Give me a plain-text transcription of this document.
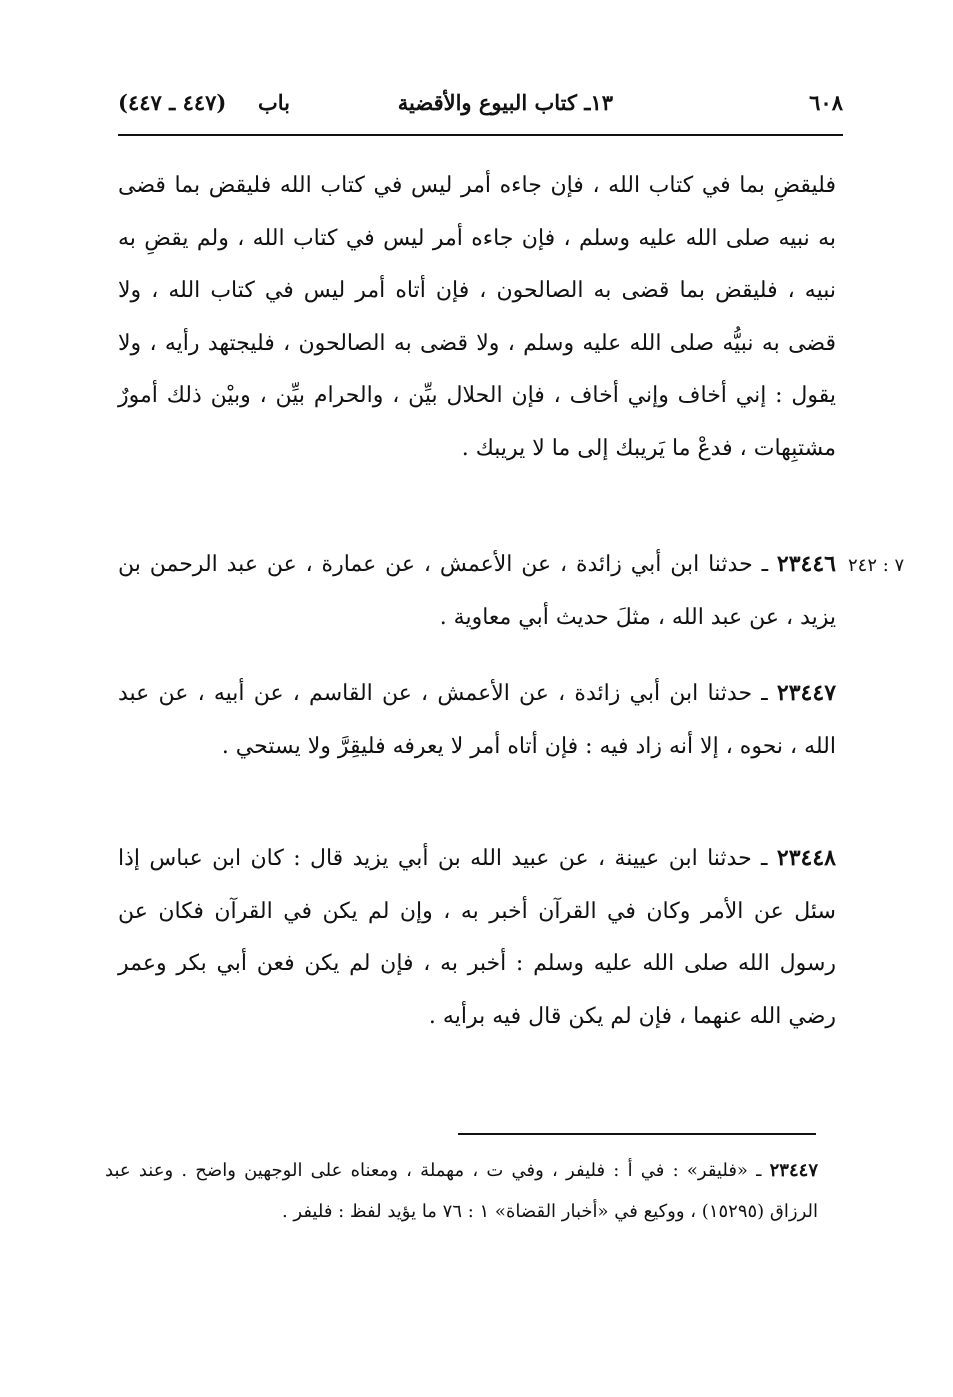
٦٠٨
١٣ـ كتاب البيوع والأقضية
باب
(٤٤٧ ـ ٤٤٧)
فليقضِ بما في كتاب الله ، فإن جاءه أمر ليس في كتاب الله فليقض بما قضى به نبيه صلى الله عليه وسلم ، فإن جاءه أمر ليس في كتاب الله ، ولم يقضِ به نبيه ، فليقض بما قضى به الصالحون ، فإن أتاه أمر ليس في كتاب الله ، ولا قضى به نبيُّه صلى الله عليه وسلم ، ولا قضى به الصالحون ، فليجتهد رأيه ، ولا يقول : إني أخاف وإني أخاف ، فإن الحلال بيِّن ، والحرام بيِّن ، وبيْن ذلك أمورٌ مشتبِهات ، فدعْ ما يَريبك إلى ما لا يريبك .
٧ : ٢٤٢
٢٣٤٤٦ ـ حدثنا ابن أبي زائدة ، عن الأعمش ، عن عمارة ، عن عبد الرحمن بن يزيد ، عن عبد الله ، مثلَ حديث أبي معاوية .
٢٣٤٤٧ ـ حدثنا ابن أبي زائدة ، عن الأعمش ، عن القاسم ، عن أبيه ، عن عبد الله ، نحوه ، إلا أنه زاد فيه : فإن أتاه أمر لا يعرفه فليقِرَّ ولا يستحي .
٢٣٤٤٨ ـ حدثنا ابن عيينة ، عن عبيد الله بن أبي يزيد قال : كان ابن عباس إذا سئل عن الأمر وكان في القرآن أخبر به ، وإن لم يكن في القرآن فكان عن رسول الله صلى الله عليه وسلم : أخبر به ، فإن لم يكن فعن أبي بكر وعمر رضي الله عنهما ، فإن لم يكن قال فيه برأيه .
٢٣٤٤٧ ـ «فليقر» : في أ : فليفر ، وفي ت ، مهملة ، ومعناه على الوجهين واضح . وعند عبد الرزاق (١٥٢٩٥) ، ووكيع في «أخبار القضاة» ١ : ٧٦ ما يؤيد لفظ : فليفر .
